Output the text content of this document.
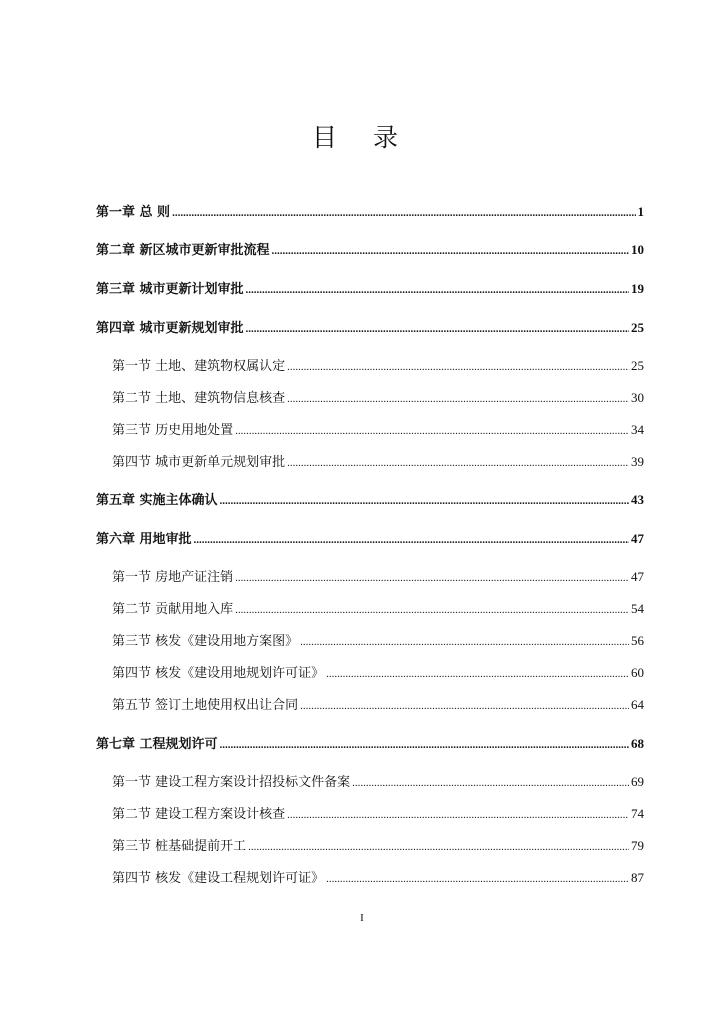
目 录
第一章 总 则 .....	1
第二章 新区城市更新审批流程 .....	10
第三章 城市更新计划审批 .....	19
第四章 城市更新规划审批 .....	25
第一节 土地、建筑物权属认定 .....	25
第二节 土地、建筑物信息核查 .....	30
第三节 历史用地处置 .....	34
第四节 城市更新单元规划审批 .....	39
第五章 实施主体确认 .....	43
第六章 用地审批 .....	47
第一节 房地产证注销 .....	47
第二节 贡献用地入库 .....	54
第三节 核发《建设用地方案图》 .....	56
第四节 核发《建设用地规划许可证》 .....	60
第五节 签订土地使用权出让合同 .....	64
第七章 工程规划许可 .....	68
第一节 建设工程方案设计招投标文件备案 .....	69
第二节 建设工程方案设计核查 .....	74
第三节 桩基础提前开工 .....	79
第四节 核发《建设工程规划许可证》 .....	87
I
